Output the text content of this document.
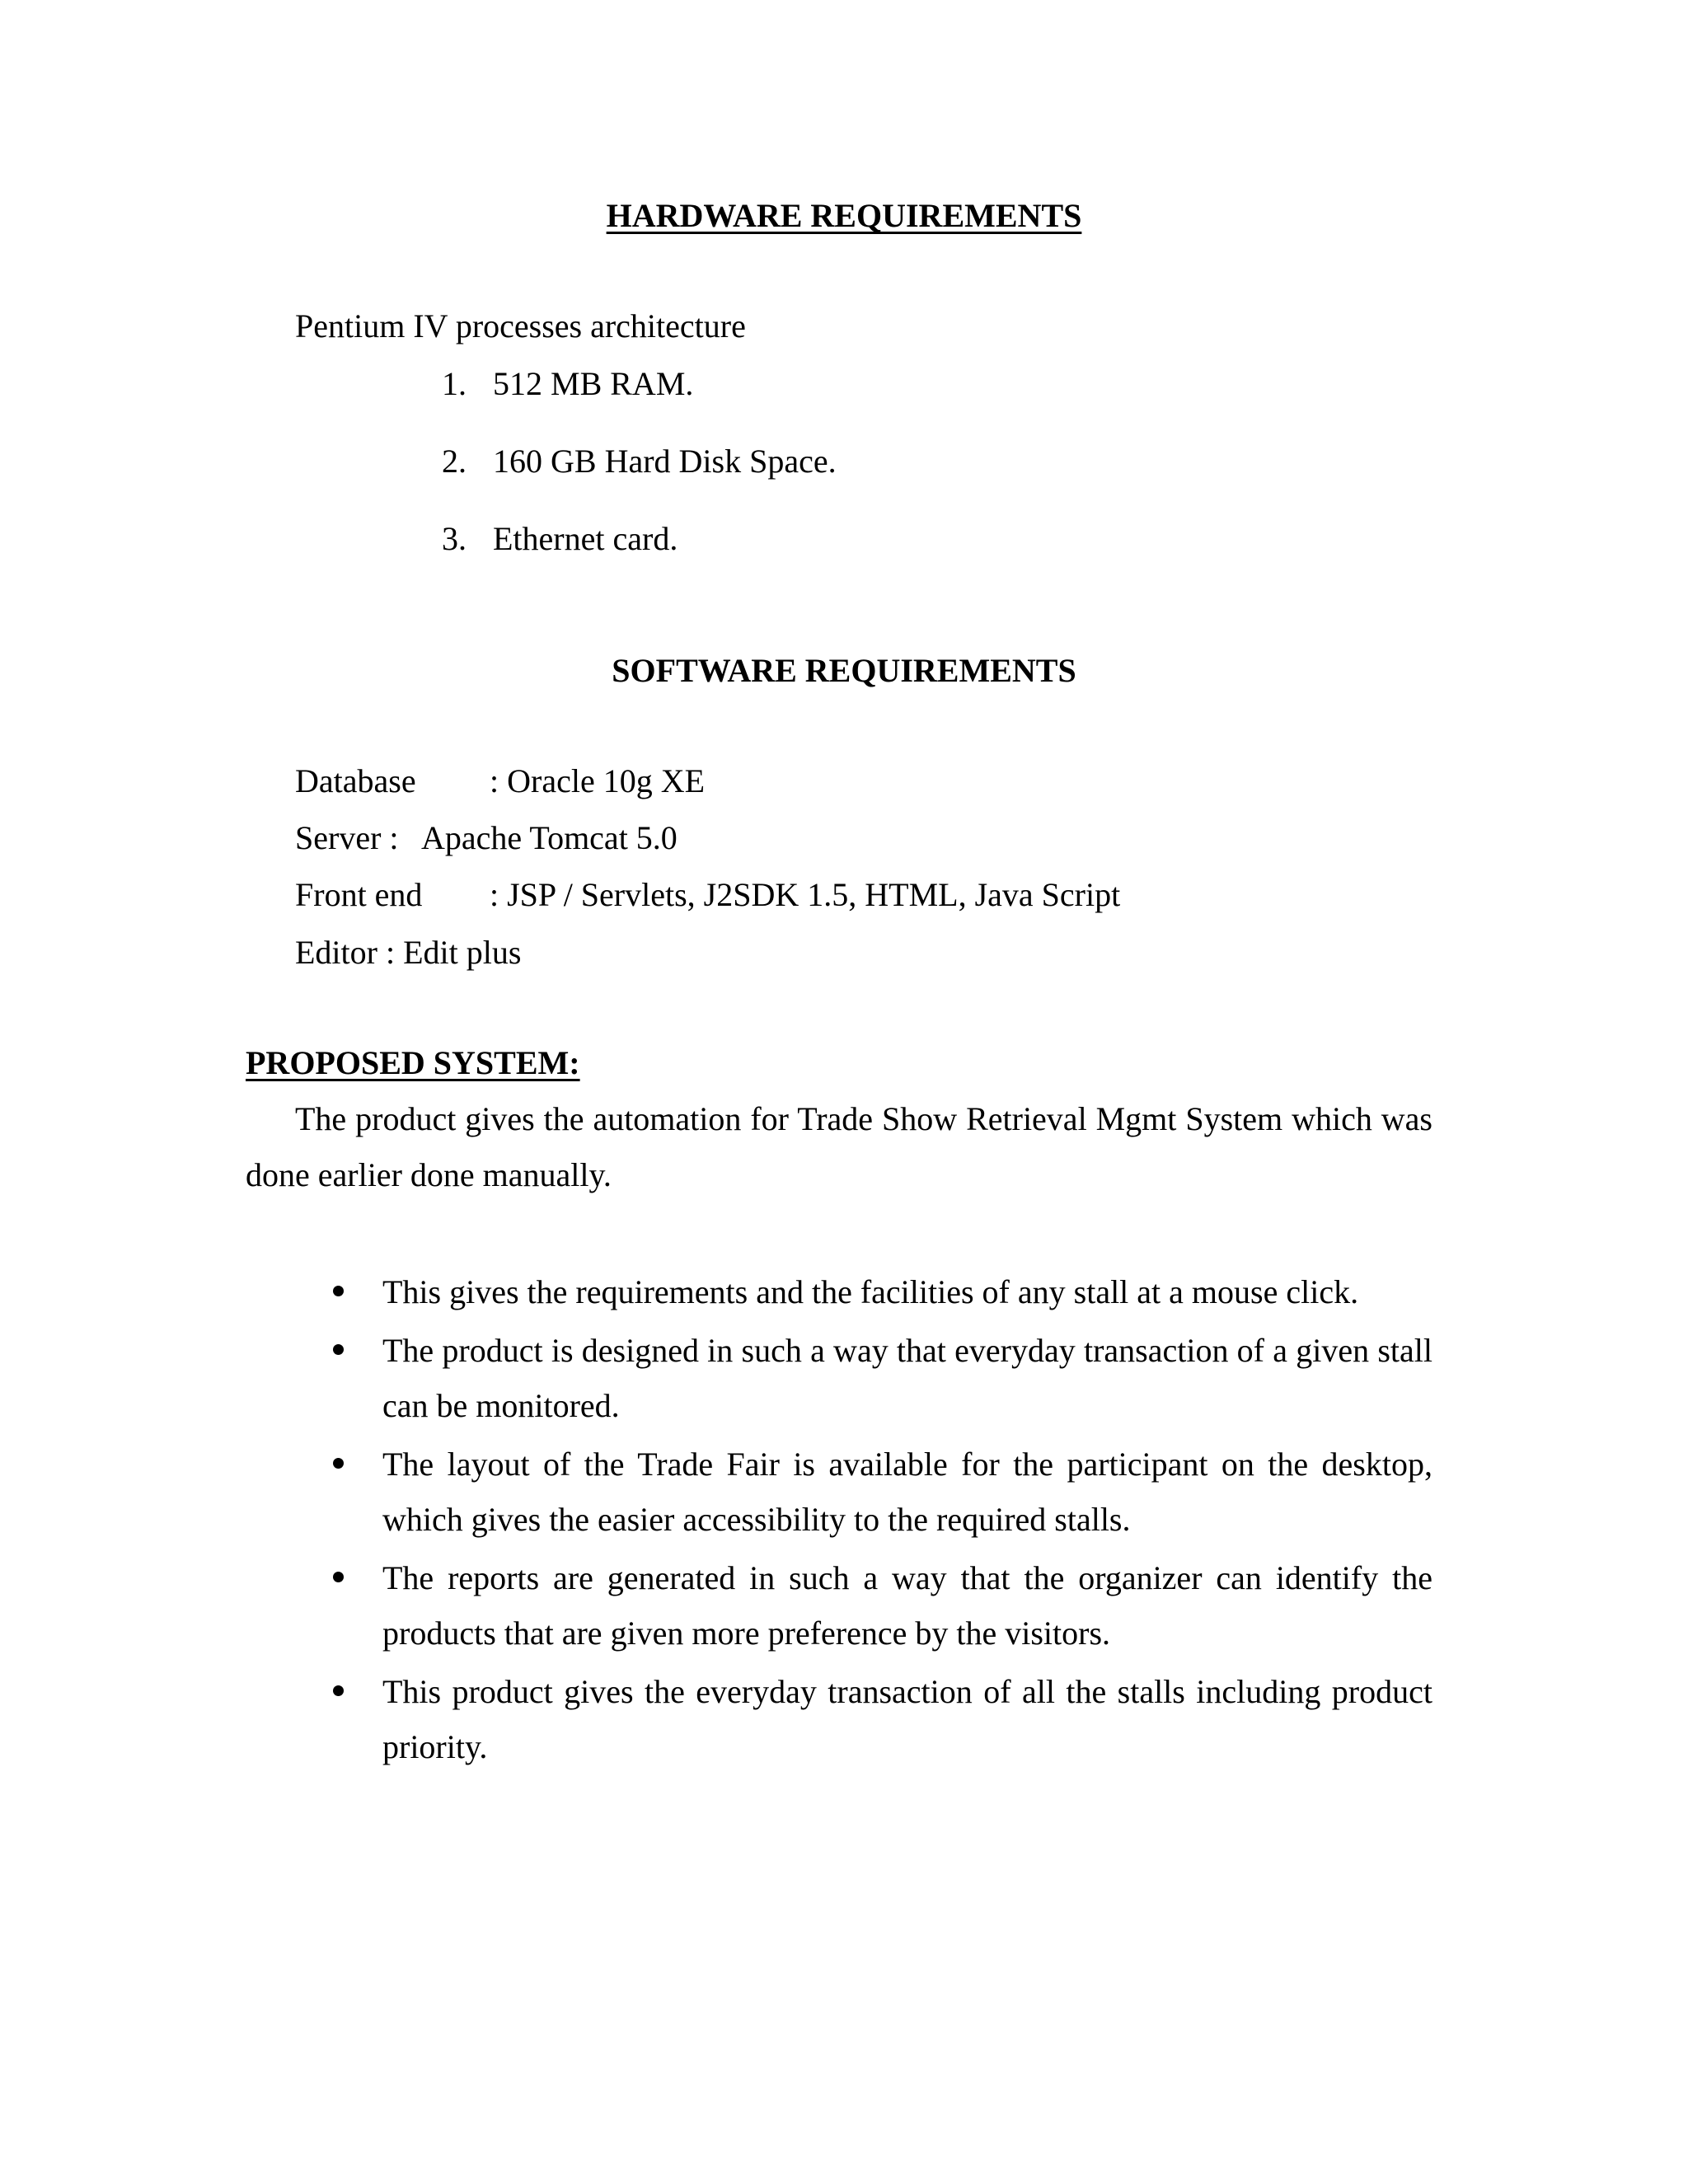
HARDWARE REQUIREMENTS
Pentium IV processes architecture
1. 512 MB RAM.
2. 160 GB Hard Disk Space.
3. Ethernet card.
SOFTWARE REQUIREMENTS
Database : Oracle 10g XE
Server : Apache Tomcat 5.0
Front end : JSP / Servlets, J2SDK 1.5, HTML, Java Script
Editor : Edit plus
PROPOSED SYSTEM:
The product gives the automation for Trade Show Retrieval Mgmt System which was done earlier done manually.
This gives the requirements and the facilities of any stall at a mouse click.
The product is designed in such a way that everyday transaction of a given stall can be monitored.
The layout of the Trade Fair is available for the participant on the desktop, which gives the easier accessibility to the required stalls.
The reports are generated in such a way that the organizer can identify the products that are given more preference by the visitors.
This product gives the everyday transaction of all the stalls including product priority.
